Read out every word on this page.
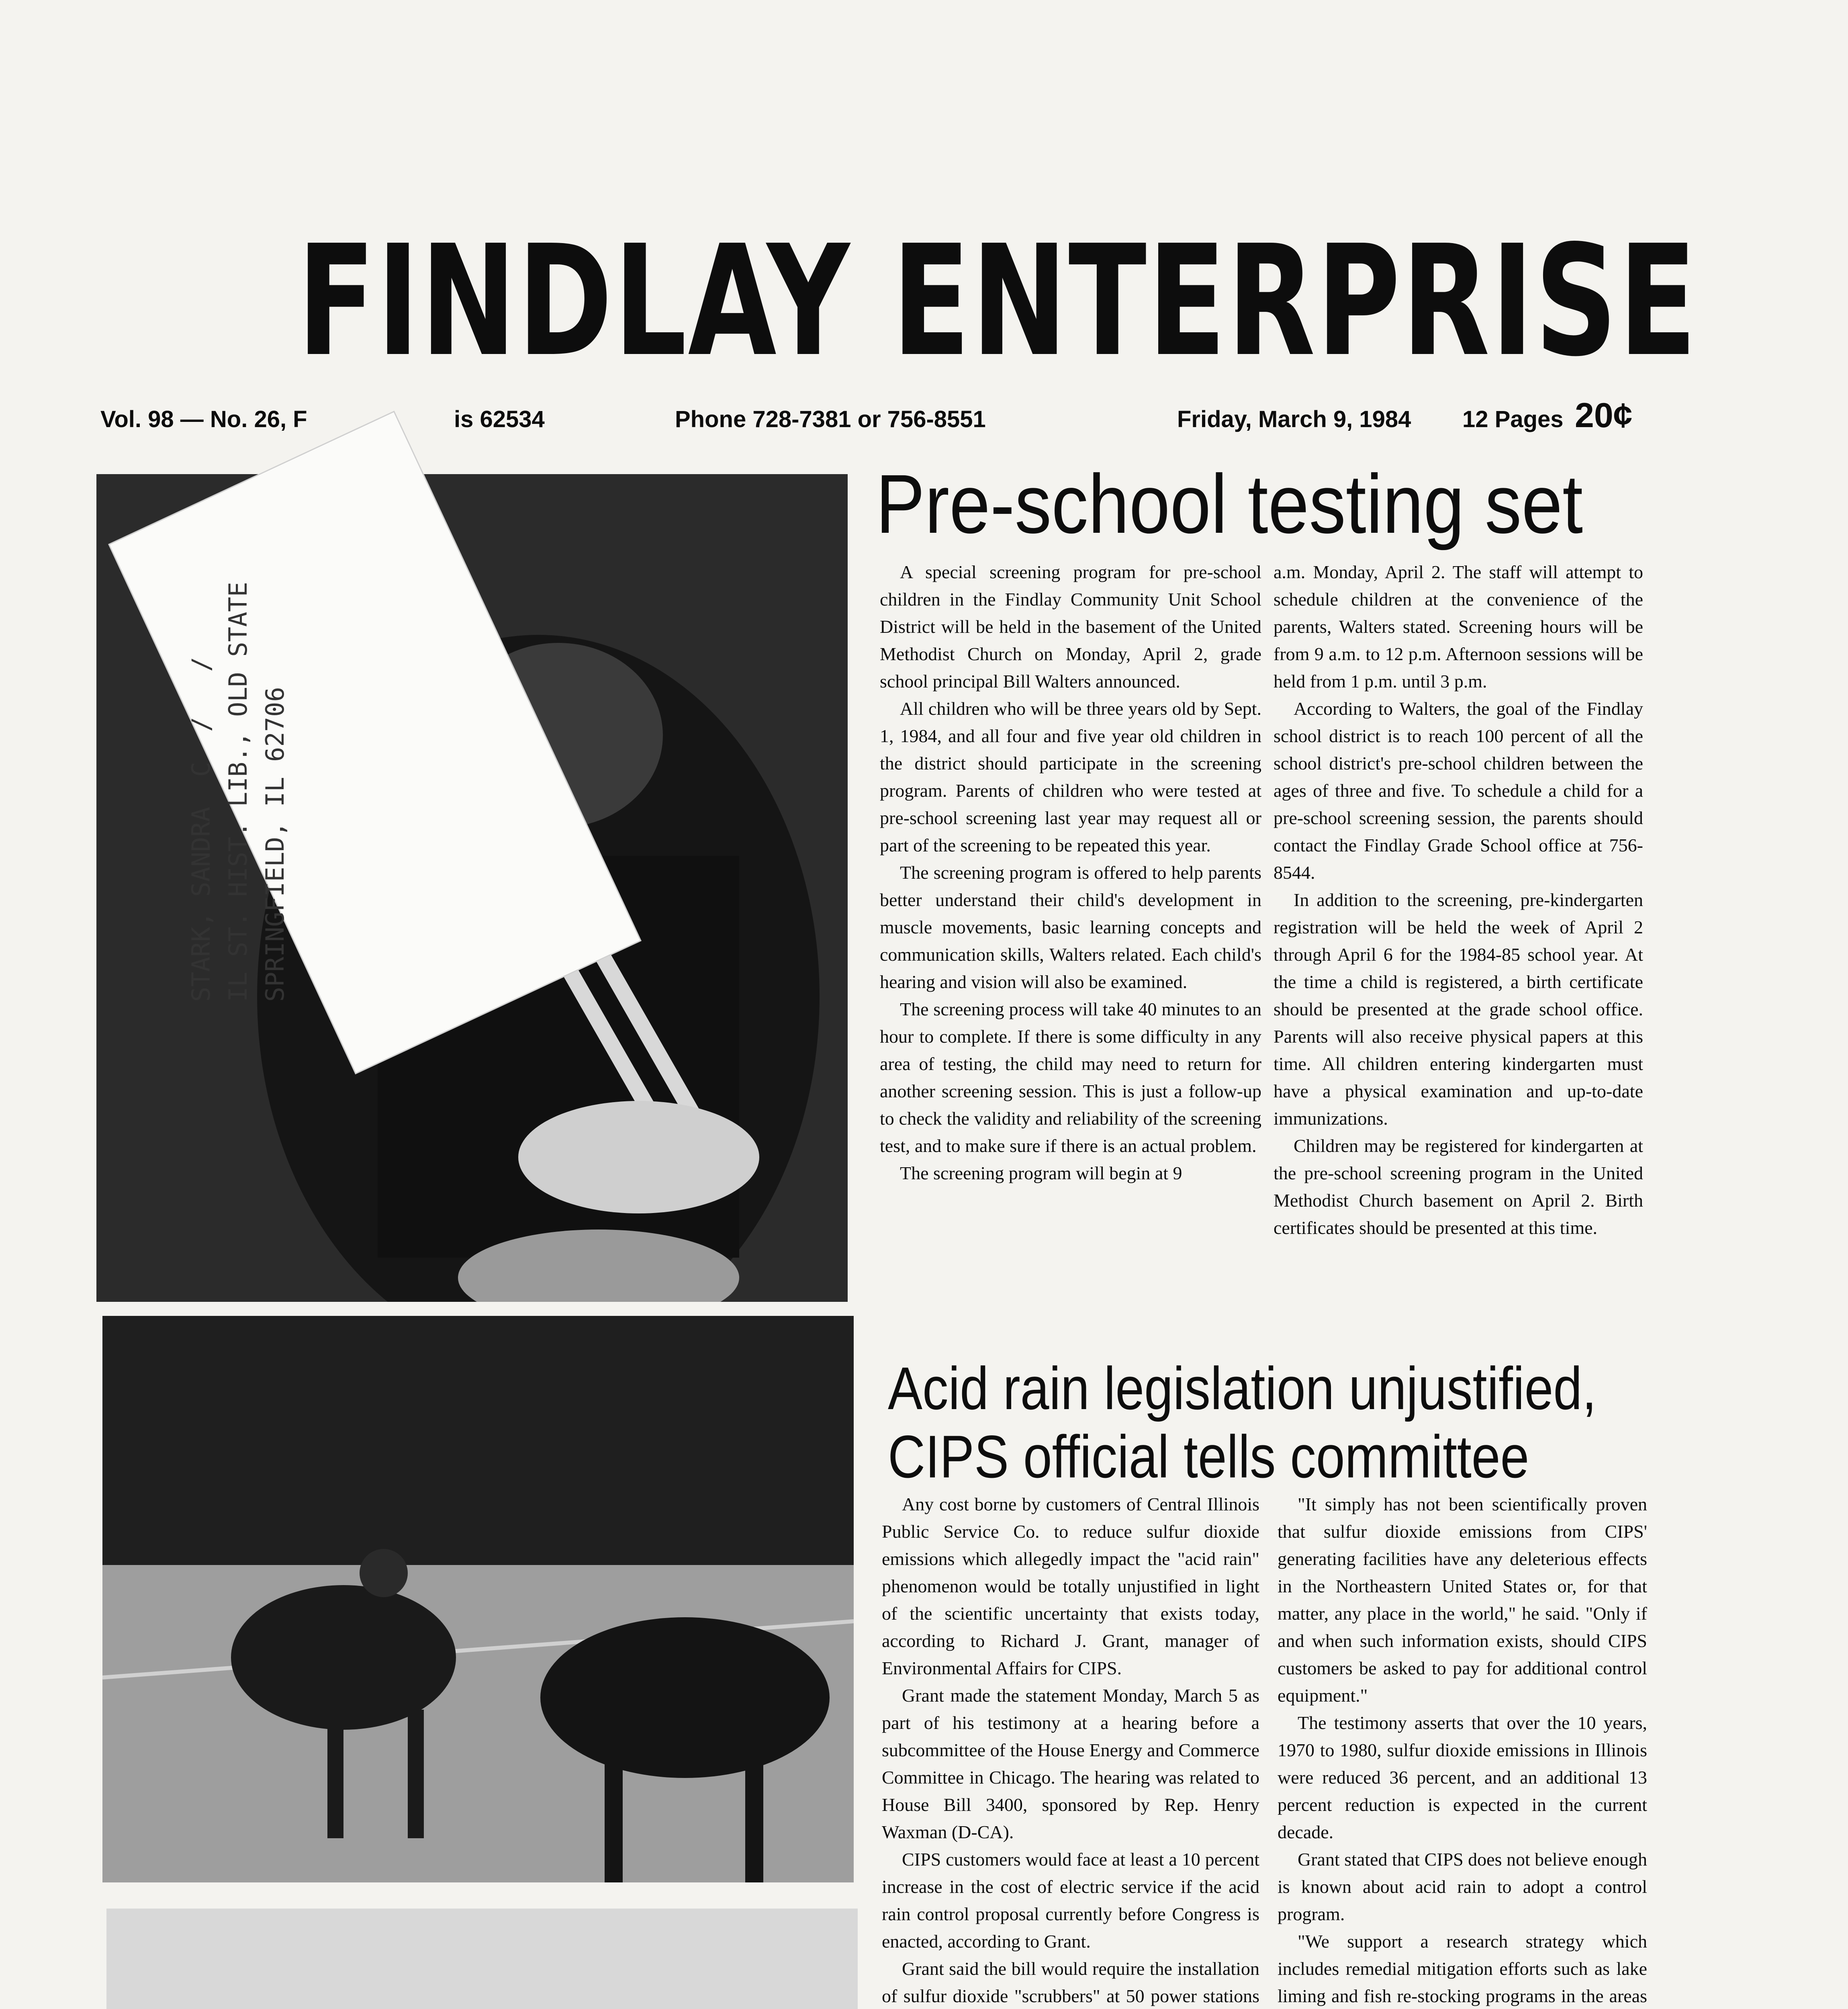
FINDLAY ENTERPRISE
Vol. 98 — No. 26, F	is 62534	Phone 728-7381 or 756-8551	Friday, March 9, 1984 12 Pages 20¢
STARK, SANDRA  C  /   /
IL ST. HIST. LIB., OLD STATE
SPRINGFIELD, IL 62706
Pre-school testing set

A special screening program for pre-school children in the Findlay Community Unit School District will be held in the basement of the United Methodist Church on Monday, April 2, grade school principal Bill Walters announced.

All children who will be three years old by Sept. 1, 1984, and all four and five year old children in the district should participate in the screening program. Parents of children who were tested at pre-school screening last year may request all or part of the screening to be repeated this year.

The screening program is offered to help parents better understand their child's development in muscle movements, basic learning concepts and communication skills, Walters related. Each child's hearing and vision will also be examined.

The screening process will take 40 minutes to an hour to complete. If there is some difficulty in any area of testing, the child may need to return for another screening session. This is just a follow-up to check the validity and reliability of the screening test, and to make sure if there is an actual problem.

The screening program will begin at 9

a.m. Monday, April 2. The staff will attempt to schedule children at the convenience of the parents, Walters stated. Screening hours will be from 9 a.m. to 12 p.m. Afternoon sessions will be held from 1 p.m. until 3 p.m.

According to Walters, the goal of the Findlay school district is to reach 100 percent of all the school district's pre-school children between the ages of three and five. To schedule a child for a pre-school screening session, the parents should contact the Findlay Grade School office at 756-8544.

In addition to the screening, pre-kindergarten registration will be held the week of April 2 through April 6 for the 1984-85 school year. At the time a child is registered, a birth certificate should be presented at the grade school office. Parents will also receive physical papers at this time. All children entering kindergarten must have a physical examination and up-to-date immunizations.

Children may be registered for kindergarten at the pre-school screening program in the United Methodist Church basement on April 2. Birth certificates should be presented at this time.

Acid rain legislation unjustified,
CIPS official tells committee

Any cost borne by customers of Central Illinois Public Service Co. to reduce sulfur dioxide emissions which allegedly impact the "acid rain" phenomenon would be totally unjustified in light of the scientific uncertainty that exists today, according to Richard J. Grant, manager of Environmental Affairs for CIPS.

Grant made the statement Monday, March 5 as part of his testimony at a hearing before a subcommittee of the House Energy and Commerce Committee in Chicago. The hearing was related to House Bill 3400, sponsored by Rep. Henry Waxman (D-CA).

CIPS customers would face at least a 10 percent increase in the cost of electric service if the acid rain control proposal currently before Congress is enacted, according to Grant.

Grant said the bill would require the installation of sulfur dioxide "scrubbers" at 50 power stations

"It simply has not been scientifically proven that sulfur dioxide emissions from CIPS' generating facilities have any deleterious effects in the Northeastern United States or, for that matter, any place in the world," he said. "Only if and when such information exists, should CIPS customers be asked to pay for additional control equipment."

The testimony asserts that over the 10 years, 1970 to 1980, sulfur dioxide emissions in Illinois were reduced 36 percent, and an additional 13 percent reduction is expected in the current decade.

Grant stated that CIPS does not believe enough is known about acid rain to adopt a control program.

"We support a research strategy which includes remedial mitigation efforts such as lake liming and fish re-stocking programs in the areas
